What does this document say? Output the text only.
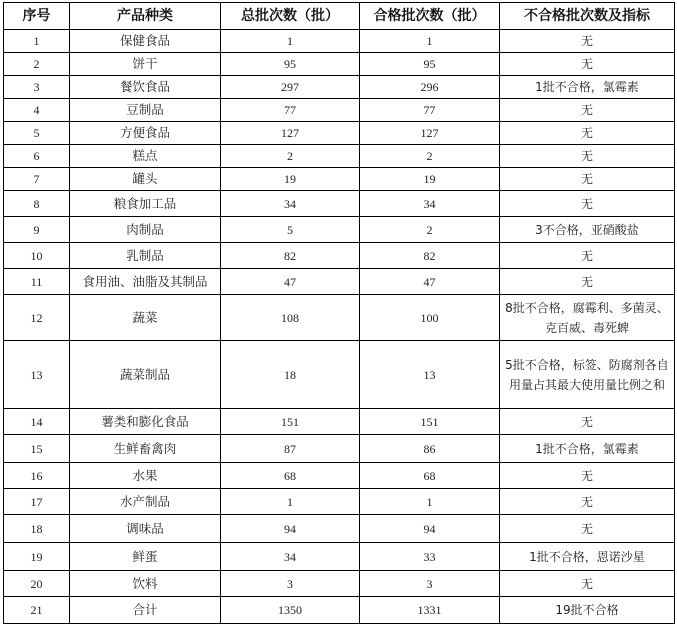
序号	产品种类	总批次数（批）	合格批次数（批）	不合格批次数及指标
1	保健食品	1	1	无
2	饼干	95	95	无
3	餐饮食品	297	296	1批不合格，氯霉素
4	豆制品	77	77	无
5	方便食品	127	127	无
6	糕点	2	2	无
7	罐头	19	19	无
8	粮食加工品	34	34	无
9	肉制品	5	2	3不合格，亚硝酸盐
10	乳制品	82	82	无
11	食用油、油脂及其制品	47	47	无
12	蔬菜	108	100	8批不合格，腐霉利、多菌灵、克百威、毒死蜱
13	蔬菜制品	18	13	5批不合格，标签、防腐剂各自用量占其最大使用量比例之和
14	薯类和膨化食品	151	151	无
15	生鲜畜禽肉	87	86	1批不合格，氯霉素
16	水果	68	68	无
17	水产制品	1	1	无
18	调味品	94	94	无
19	鲜蛋	34	33	1批不合格，恩诺沙星
20	饮料	3	3	无
21	合计	1350	1331	19批不合格
